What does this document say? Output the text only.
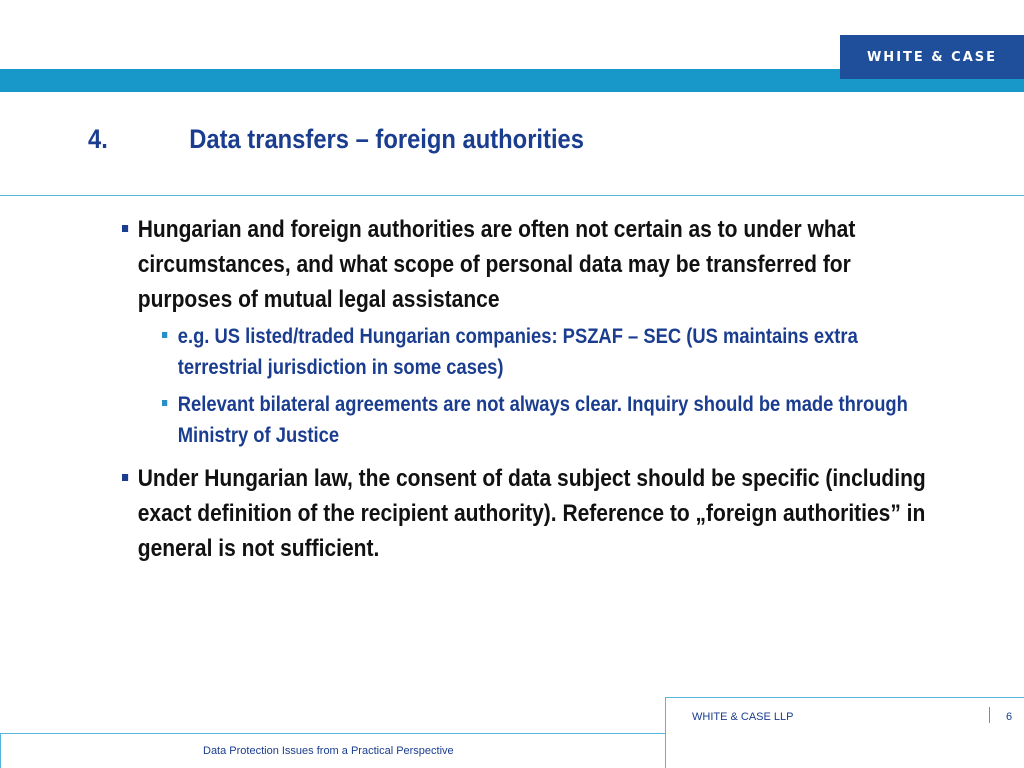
WHITE & CASE
4.	Data transfers – foreign authorities
Hungarian and foreign authorities are often not certain as to under what circumstances, and what scope of personal data may be transferred for purposes of mutual legal assistance
e.g. US listed/traded Hungarian companies: PSZAF – SEC (US maintains extra terrestrial jurisdiction in some cases)
Relevant bilateral agreements are not always clear. Inquiry should be made through Ministry of Justice
Under Hungarian law, the consent of data subject should be specific (including exact definition of the recipient authority). Reference to „foreign authorities” in general is not sufficient.
WHITE & CASE LLP	6
Data Protection Issues from a Practical Perspective
